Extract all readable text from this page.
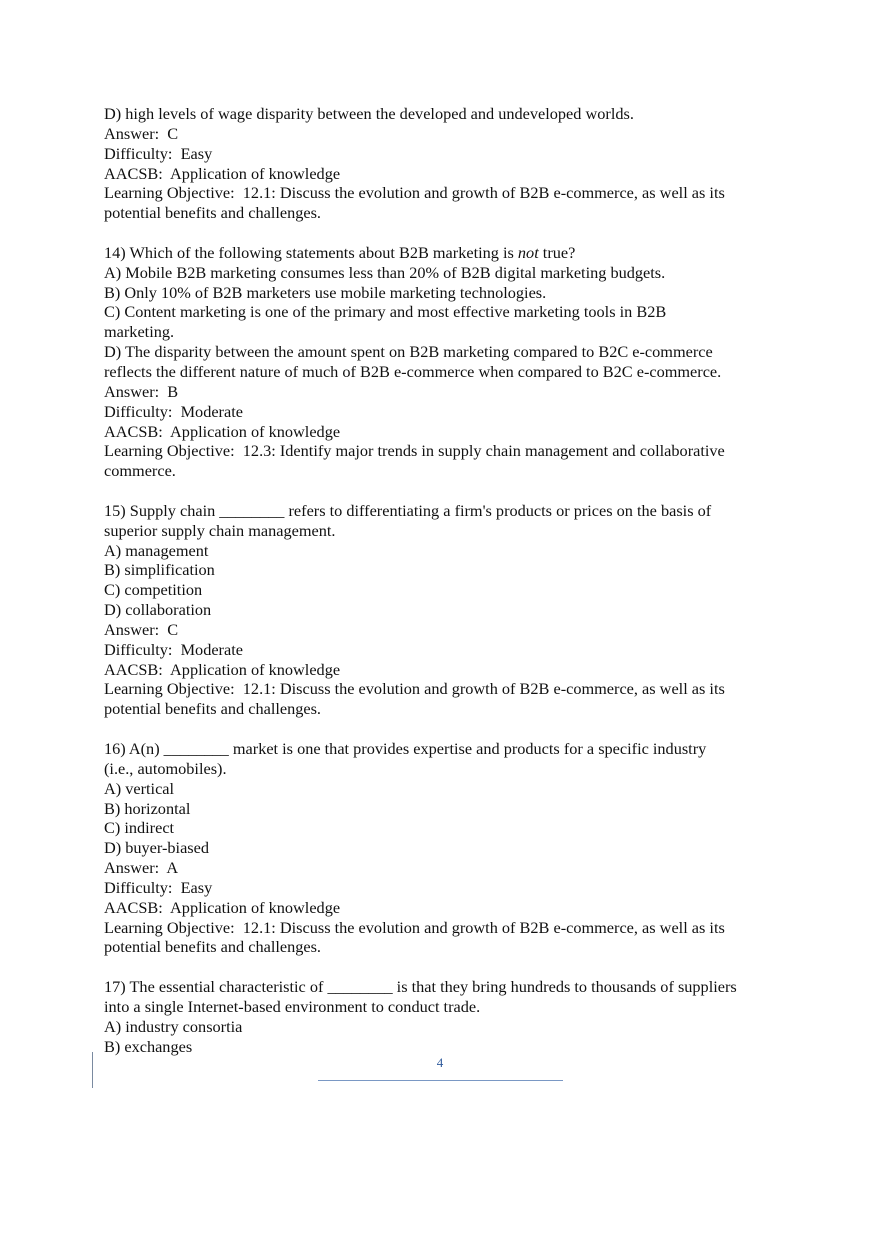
D) high levels of wage disparity between the developed and undeveloped worlds.

Answer:  C

Difficulty:  Easy

AACSB:  Application of knowledge

Learning Objective:  12.1: Discuss the evolution and growth of B2B e-commerce, as well as its

potential benefits and challenges.

14) Which of the following statements about B2B marketing is not true?

A) Mobile B2B marketing consumes less than 20% of B2B digital marketing budgets.

B) Only 10% of B2B marketers use mobile marketing technologies.

C) Content marketing is one of the primary and most effective marketing tools in B2B

marketing.

D) The disparity between the amount spent on B2B marketing compared to B2C e-commerce

reflects the different nature of much of B2B e-commerce when compared to B2C e-commerce.

Answer:  B

Difficulty:  Moderate

AACSB:  Application of knowledge

Learning Objective:  12.3: Identify major trends in supply chain management and collaborative

commerce.

15) Supply chain ________ refers to differentiating a firm's products or prices on the basis of

superior supply chain management.

A) management

B) simplification

C) competition

D) collaboration

Answer:  C

Difficulty:  Moderate

AACSB:  Application of knowledge

Learning Objective:  12.1: Discuss the evolution and growth of B2B e-commerce, as well as its

potential benefits and challenges.

16) A(n) ________ market is one that provides expertise and products for a specific industry

(i.e., automobiles).

A) vertical

B) horizontal

C) indirect

D) buyer-biased

Answer:  A

Difficulty:  Easy

AACSB:  Application of knowledge

Learning Objective:  12.1: Discuss the evolution and growth of B2B e-commerce, as well as its

potential benefits and challenges.

17) The essential characteristic of ________ is that they bring hundreds to thousands of suppliers

into a single Internet-based environment to conduct trade.

A) industry consortia

B) exchanges

4
